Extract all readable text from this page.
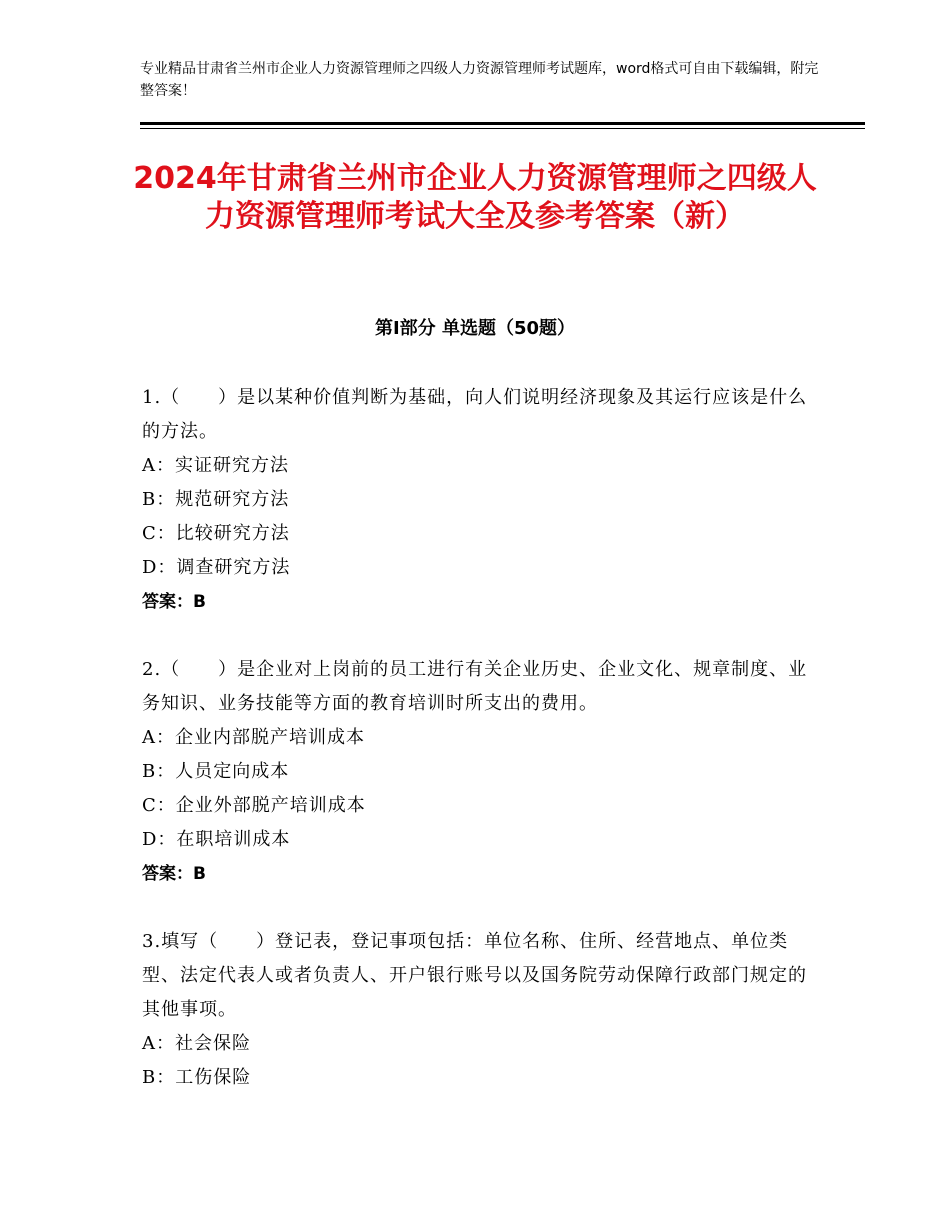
专业精品甘肃省兰州市企业人力资源管理师之四级人力资源管理师考试题库，word格式可自由下载编辑，附完整答案！
2024年甘肃省兰州市企业人力资源管理师之四级人力资源管理师考试大全及参考答案（新）
第Ⅰ部分 单选题（50题）
1.（　　）是以某种价值判断为基础，向人们说明经济现象及其运行应该是什么的方法。
A：实证研究方法
B：规范研究方法
C：比较研究方法
D：调查研究方法
答案：B
2.（　　）是企业对上岗前的员工进行有关企业历史、企业文化、规章制度、业务知识、业务技能等方面的教育培训时所支出的费用。
A：企业内部脱产培训成本
B：人员定向成本
C：企业外部脱产培训成本
D：在职培训成本
答案：B
3.填写（　　）登记表，登记事项包括：单位名称、住所、经营地点、单位类型、法定代表人或者负责人、开户银行账号以及国务院劳动保障行政部门规定的其他事项。
A：社会保险
B：工伤保险
